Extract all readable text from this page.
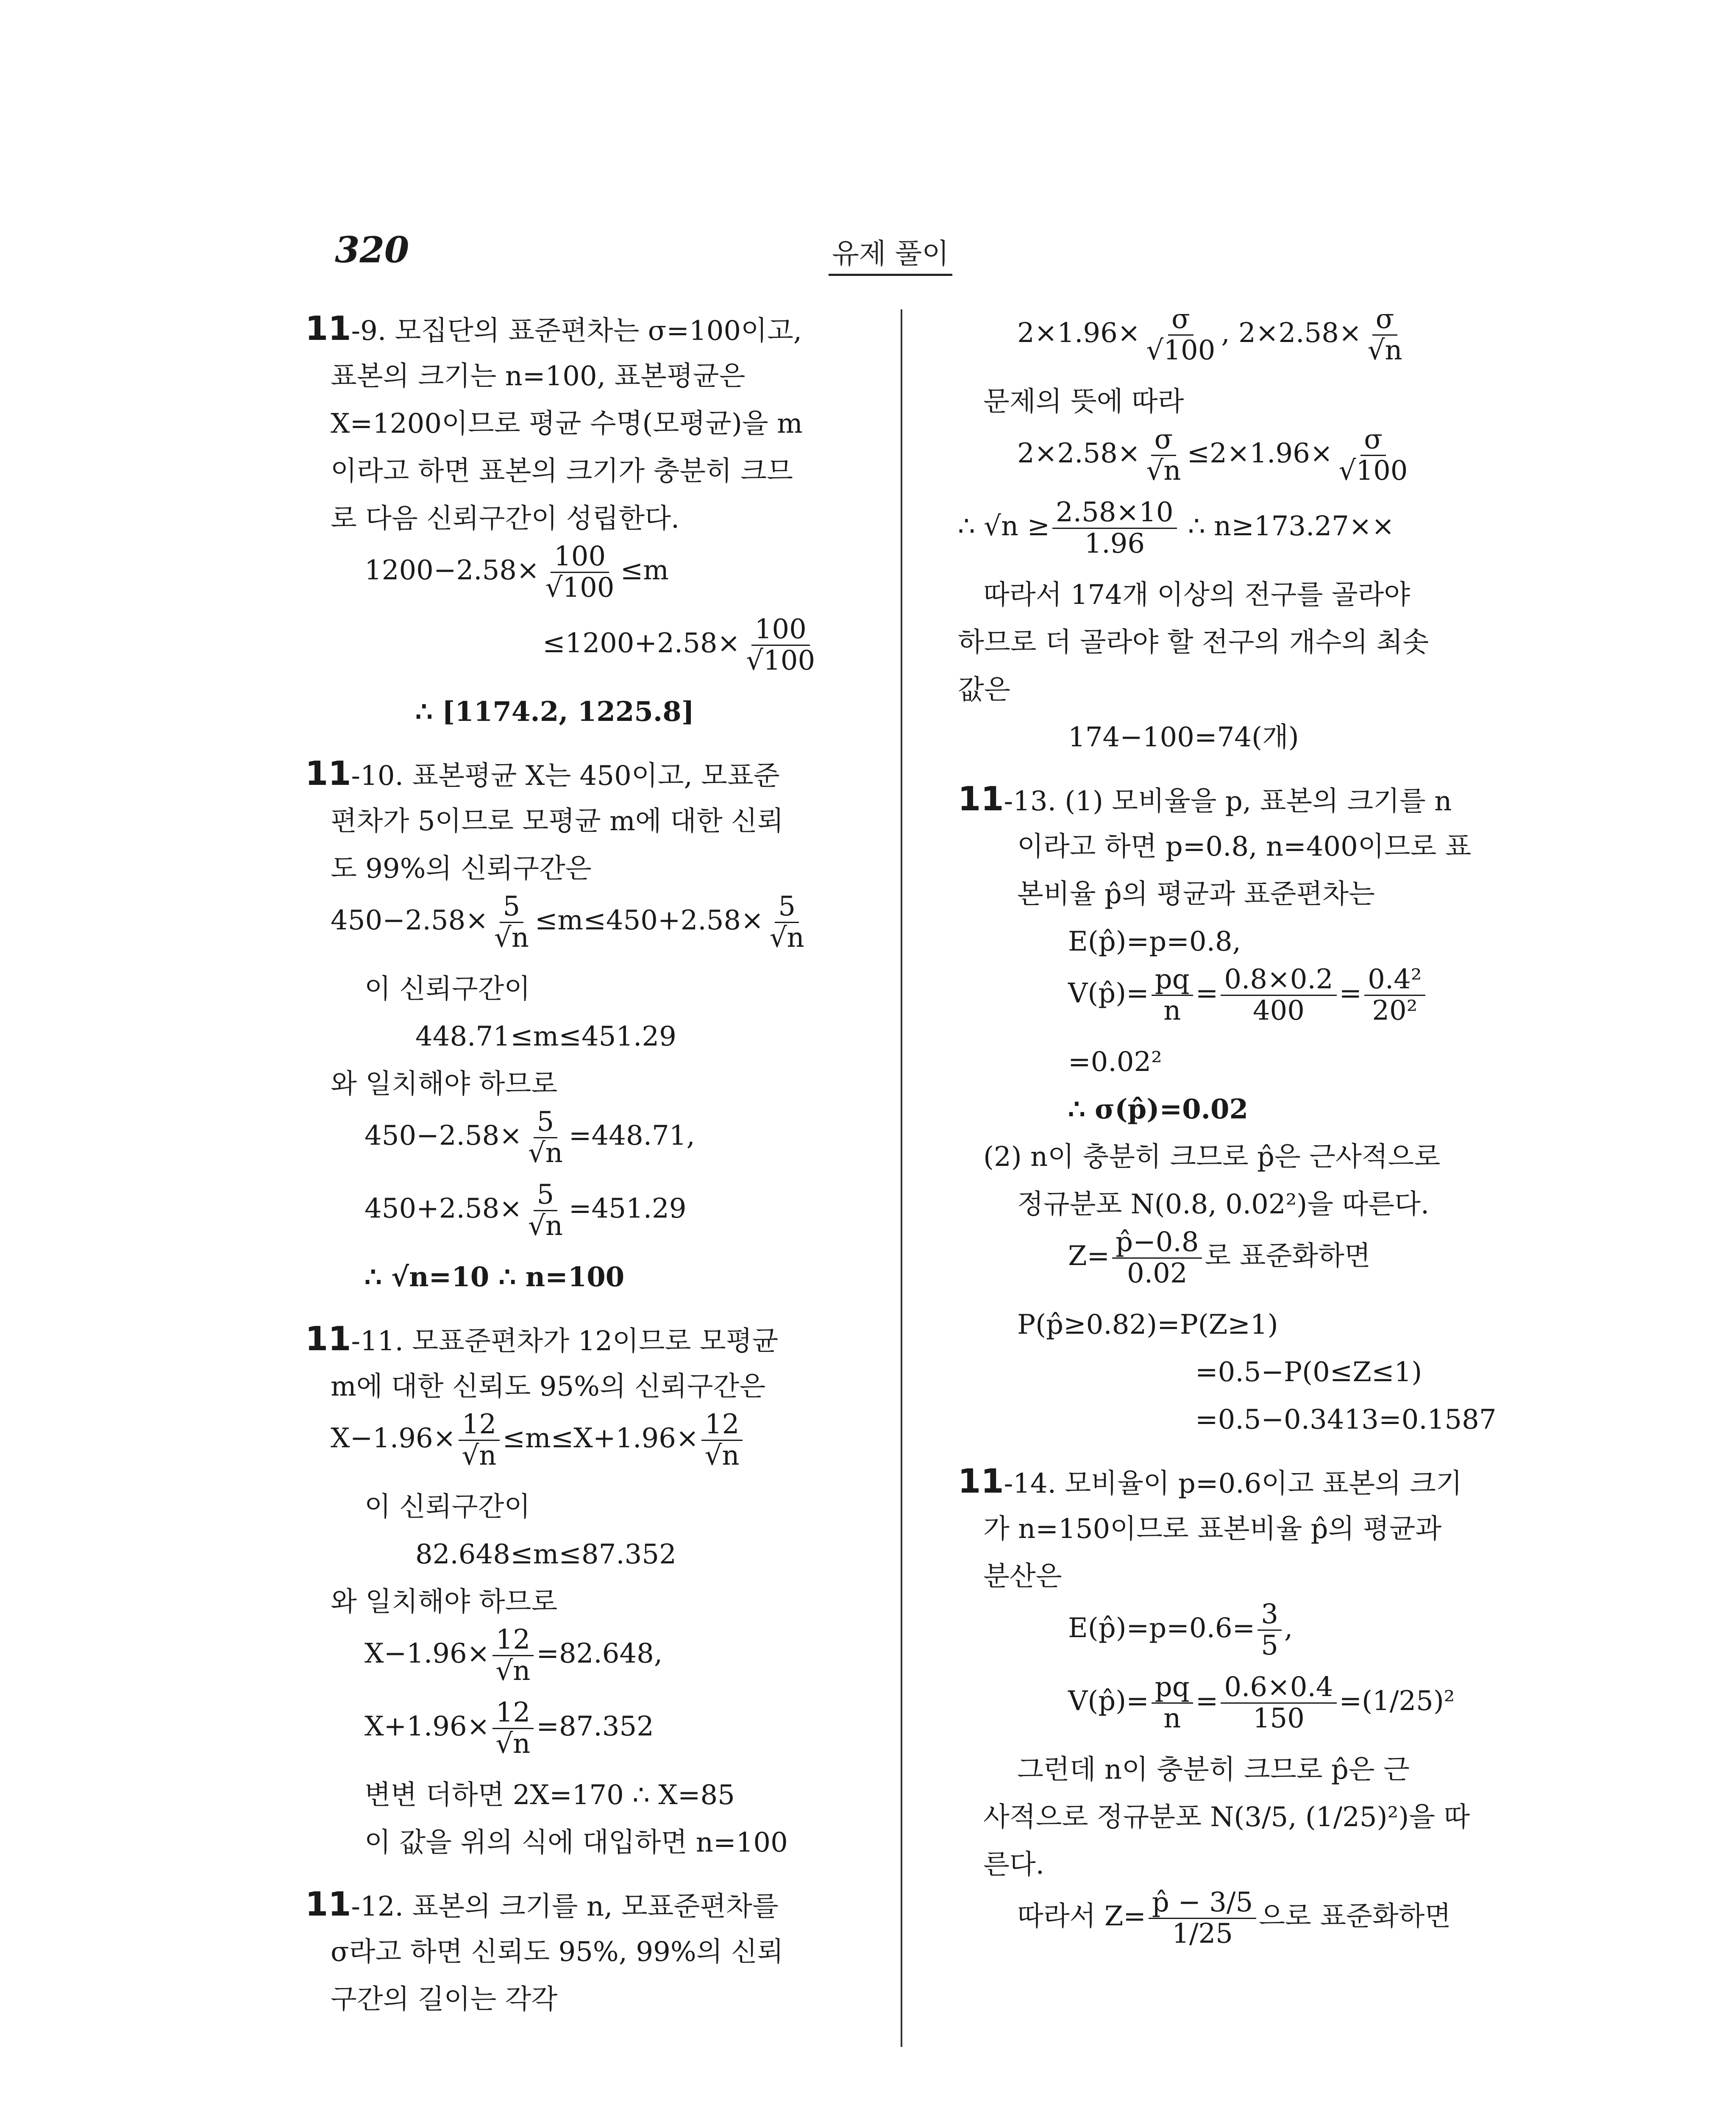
320	유제 풀이
11-9. 모집단의 표준편차는 σ=100이고,
표본의 크기는 n=100, 표본평균은
X=1200이므로 평균 수명(모평균)을 m
이라고 하면 표본의 크기가 충분히 크므
로 다음 신뢰구간이 성립한다.
$1200-2.58\times \frac{100}{√100} \le m$
$\le 1200+2.58\times \frac{100}{√100}$
∴ [1174.2, 1225.8]
11-10. 표본평균 X는 450이고, 모표준
편차가 5이므로 모평균 m에 대한 신뢰
도 99%의 신뢰구간은
$450-2.58\times \frac{5}{√n} \le m\le 450+2.58\times \frac{5}{√n}$
이 신뢰구간이
448.71≤m≤451.29
와 일치해야 하므로
$450-2.58\times \frac{5}{√n} =448.71$,
$450+2.58\times \frac{5}{√n} =451.29$
∴ √n=10 ∴ n=100
11-11. 모표준편차가 12이므로 모평균
m에 대한 신뢰도 95%의 신뢰구간은
$X-1.96\times \frac{12}{√n} \le m\le X+1.96\times \frac{12}{√n}$
이 신뢰구간이
82.648≤m≤87.352
와 일치해야 하므로
$X-1.96\times \frac{12}{√n} =82.648$,
$X+1.96\times \frac{12}{√n} =87.352$
변변 더하면 2X=170 ∴ X=85
이 값을 위의 식에 대입하면 n=100
11-12. 표본의 크기를 n, 모표준편차를
σ라고 하면 신뢰도 95%, 99%의 신뢰
구간의 길이는 각각
$2\times 1.96\times \frac{\sigma}{√100}$ , $2\times 2.58\times \frac{\sigma}{√n}$
문제의 뜻에 따라
$2\times 2.58\times \frac{\sigma}{√n} \le 2\times 1.96\times \frac{\sigma}{√100}$
∴ $√n \ge \frac{2.58\times 10}{1.96}$ ∴ n≥173.27××
따라서 174개 이상의 전구를 골라야
하므로 더 골라야 할 전구의 개수의 최솟
값은
174−100=74(개)
11-13. (1) 모비율을 p, 표본의 크기를 n
이라고 하면 p=0.8, n=400이므로 표
본비율 p̂의 평균과 표준편차는
E(p̂)=p=0.8,
V(p̂)= $\frac{pq}{n} = \frac{0.8\times 0.2}{400} = \frac{\text{0.4²}}{\text{20²}}$
=0.02²
∴ σ(p̂)=0.02
(2) n이 충분히 크므로 p̂은 근사적으로
정규분포 N(0.8, 0.02²)을 따른다.
$Z= \frac{p̂-0.8}{0.02}$ 로 표준화하면
P(p̂≥0.82)=P(Z≥1)
=0.5−P(0≤Z≤1)
=0.5−0.3413=0.1587
11-14. 모비율이 p=0.6이고 표본의 크기
가 n=150이므로 표본비율 p̂의 평균과
분산은
E(p̂)=p=0.6= $\frac{3}{5}$ ,
V(p̂)= $\frac{pq}{n} = \frac{0.6\times 0.4}{150} =(1/25)^2$
그런데 n이 충분히 크므로 p̂은 근
사적으로 정규분포 N(3/5, (1/25)²)을 따
른다.
따라서 $Z= \frac{p̂ - 3/5}{1/25}$ 으로 표준화하면
